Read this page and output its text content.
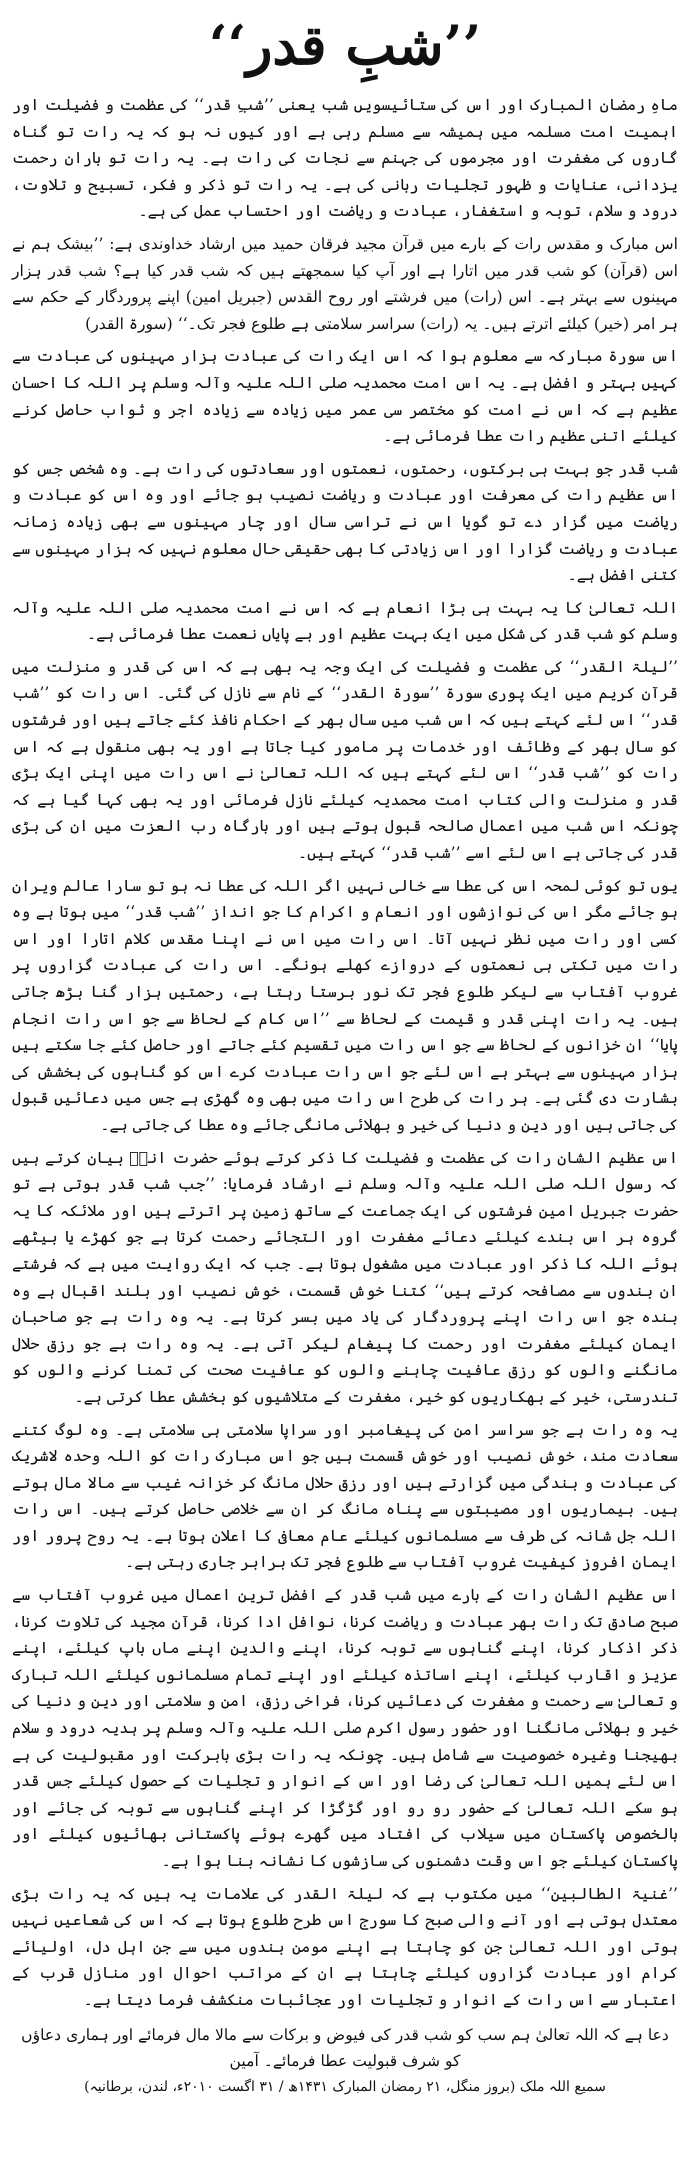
’’شبِ قدر‘‘

ماہِ رمضان المبارک اور اس کی ستائیسویں شب یعنی ’’شبِ قدر‘‘ کی عظمت و فضیلت اور اہمیت امت مسلمہ میں ہمیشہ سے مسلم رہی ہے اور کیوں نہ ہو کہ یہ رات تو گناہ گاروں کی مغفرت اور مجرموں کی جہنم سے نجات کی رات ہے۔ یہ رات تو باران رحمت یزدانی، عنایات و ظہور تجلیات ربانی کی ہے۔ یہ رات تو ذکر و فکر، تسبیح و تلاوت، درود و سلام، توبہ و استغفار، عبادت و ریاضت اور احتساب عمل کی ہے۔

اس مبارک و مقدس رات کے بارے میں قرآن مجید فرقان حمید میں ارشاد خداوندی ہے: ’’بیشک ہم نے اس (قرآن) کو شب قدر میں اتارا ہے اور آپ کیا سمجھتے ہیں کہ شب قدر کیا ہے؟ شب قدر ہزار مہینوں سے بہتر ہے۔ اس (رات) میں فرشتے اور روح القدس (جبریل امین) اپنے پروردگار کے حکم سے ہر امر (خیر) کیلئے اترتے ہیں۔ یہ (رات) سراسر سلامتی ہے طلوع فجر تک۔‘‘ (سورۃ القدر)

اس سورۃ مبارکہ سے معلوم ہوا کہ اس ایک رات کی عبادت ہزار مہینوں کی عبادت سے کہیں بہتر و افضل ہے۔ یہ اس امت محمدیہ صلی اللہ علیہ وآلہ وسلم پر اللہ کا احسان عظیم ہے کہ اس نے امت کو مختصر سی عمر میں زیادہ سے زیادہ اجر و ثواب حاصل کرنے کیلئے اتنی عظیم رات عطا فرمائی ہے۔

شب قدر جو بہت ہی برکتوں، رحمتوں، نعمتوں اور سعادتوں کی رات ہے۔ وہ شخص جس کو اس عظیم رات کی معرفت اور عبادت و ریاضت نصیب ہو جائے اور وہ اس کو عبادت و ریاضت میں گزار دے تو گویا اس نے تراسی سال اور چار مہینوں سے بھی زیادہ زمانہ عبادت و ریاضت گزارا اور اس زیادتی کا بھی حقیقی حال معلوم نہیں کہ ہزار مہینوں سے کتنی افضل ہے۔

اللہ تعالیٰ کا یہ بہت ہی بڑا انعام ہے کہ اس نے امت محمدیہ صلی اللہ علیہ وآلہ وسلم کو شب قدر کی شکل میں ایک بہت عظیم اور بے پایاں نعمت عطا فرمائی ہے۔

’’لیلۃ القدر‘‘ کی عظمت و فضیلت کی ایک وجہ یہ بھی ہے کہ اس کی قدر و منزلت میں قرآن کریم میں ایک پوری سورۃ ’’سورۃ القدر‘‘ کے نام سے نازل کی گئی۔ اس رات کو ’’شب قدر‘‘ اس لئے کہتے ہیں کہ اس شب میں سال بھر کے احکام نافذ کئے جاتے ہیں اور فرشتوں کو سال بھر کے وظائف اور خدمات پر مامور کیا جاتا ہے اور یہ بھی منقول ہے کہ اس رات کو ’’شب قدر‘‘ اس لئے کہتے ہیں کہ اللہ تعالیٰ نے اس رات میں اپنی ایک بڑی قدر و منزلت والی کتاب امت محمدیہ کیلئے نازل فرمائی اور یہ بھی کہا گیا ہے کہ چونکہ اس شب میں اعمال صالحہ قبول ہوتے ہیں اور بارگاہ رب العزت میں ان کی بڑی قدر کی جاتی ہے اس لئے اسے ’’شب قدر‘‘ کہتے ہیں۔

یوں تو کوئی لمحہ اس کی عطا سے خالی نہیں اگر اللہ کی عطا نہ ہو تو سارا عالم ویران ہو جائے مگر اس کی نوازشوں اور انعام و اکرام کا جو انداز ’’شب قدر‘‘ میں ہوتا ہے وہ کسی اور رات میں نظر نہیں آتا۔ اس رات میں اس نے اپنا مقدس کلام اتارا اور اس رات میں تکتی ہی نعمتوں کے دروازے کھلے ہونگے۔ اس رات کی عبادت گزاروں پر غروب آفتاب سے لیکر طلوع فجر تک نور برستا رہتا ہے، رحمتیں ہزار گنا بڑھ جاتی ہیں۔ یہ رات اپنی قدر و قیمت کے لحاظ سے ’’اس کام کے لحاظ سے جو اس رات انجام پایا‘‘ ان خزانوں کے لحاظ سے جو اس رات میں تقسیم کئے جاتے اور حاصل کئے جا سکتے ہیں ہزار مہینوں سے بہتر ہے اس لئے جو اس رات عبادت کرے اس کو گناہوں کی بخشش کی بشارت دی گئی ہے۔ ہر رات کی طرح اس رات میں بھی وہ گھڑی ہے جس میں دعائیں قبول کی جاتی ہیں اور دین و دنیا کی خیر و بھلائی مانگی جائے وہ عطا کی جاتی ہے۔

اس عظیم الشان رات کی عظمت و فضیلت کا ذکر کرتے ہوئے حضرت انسؓ بیان کرتے ہیں کہ رسول اللہ صلی اللہ علیہ وآلہ وسلم نے ارشاد فرمایا: ’’جب شب قدر ہوتی ہے تو حضرت جبریل امین فرشتوں کی ایک جماعت کے ساتھ زمین پر اترتے ہیں اور ملائکہ کا یہ گروہ ہر اس بندے کیلئے دعائے مغفرت اور التجائے رحمت کرتا ہے جو کھڑے یا بیٹھے ہوئے اللہ کا ذکر اور عبادت میں مشغول ہوتا ہے۔ جب کہ ایک روایت میں ہے کہ فرشتے ان بندوں سے مصافحہ کرتے ہیں‘‘ کتنا خوش قسمت، خوش نصیب اور بلند اقبال ہے وہ بندہ جو اس رات اپنے پروردگار کی یاد میں بسر کرتا ہے۔ یہ وہ رات ہے جو صاحبان ایمان کیلئے مغفرت اور رحمت کا پیغام لیکر آتی ہے۔ یہ وہ رات ہے جو رزق حلال مانگنے والوں کو رزق عافیت چاہنے والوں کو عافیت صحت کی تمنا کرنے والوں کو تندرستی، خیر کے بھکاریوں کو خیر، مغفرت کے متلاشیوں کو بخشش عطا کرتی ہے۔

یہ وہ رات ہے جو سراسر امن کی پیغامبر اور سراپا سلامتی ہی سلامتی ہے۔ وہ لوگ کتنے سعادت مند، خوش نصیب اور خوش قسمت ہیں جو اس مبارک رات کو اللہ وحدہ لاشریک کی عبادت و بندگی میں گزارتے ہیں اور رزق حلال مانگ کر خزانہ غیب سے مالا مال ہوتے ہیں۔ بیماریوں اور مصیبتوں سے پناہ مانگ کر ان سے خلاصی حاصل کرتے ہیں۔ اس رات اللہ جل شانہ کی طرف سے مسلمانوں کیلئے عام معافی کا اعلان ہوتا ہے۔ یہ روح پرور اور ایمان افروز کیفیت غروب آفتاب سے طلوع فجر تک برابر جاری رہتی ہے۔

اس عظیم الشان رات کے بارے میں شب قدر کے افضل ترین اعمال میں غروب آفتاب سے صبح صادق تک رات بھر عبادت و ریاضت کرنا، نوافل ادا کرنا، قرآن مجید کی تلاوت کرنا، ذکر اذکار کرنا، اپنے گناہوں سے توبہ کرنا، اپنے والدین اپنے ماں باپ کیلئے، اپنے عزیز و اقارب کیلئے، اپنے اساتذہ کیلئے اور اپنے تمام مسلمانوں کیلئے اللہ تبارک و تعالیٰ سے رحمت و مغفرت کی دعائیں کرنا، فراخی رزق، امن و سلامتی اور دین و دنیا کی خیر و بھلائی مانگنا اور حضور رسول اکرم صلی اللہ علیہ وآلہ وسلم پر ہدیہ درود و سلام بھیجنا وغیرہ خصوصیت سے شامل ہیں۔ چونکہ یہ رات بڑی بابرکت اور مقبولیت کی ہے اس لئے ہمیں اللہ تعالیٰ کی رضا اور اس کے انوار و تجلیات کے حصول کیلئے جس قدر ہو سکے اللہ تعالیٰ کے حضور رو رو اور گڑگڑا کر اپنے گناہوں سے توبہ کی جائے اور بالخصوص پاکستان میں سیلاب کی افتاد میں گھرے ہوئے پاکستانی بھائیوں کیلئے اور پاکستان کیلئے جو اس وقت دشمنوں کی سازشوں کا نشانہ بنا ہوا ہے۔

’’غنیۃ الطالبین‘‘ میں مکتوب ہے کہ لیلۃ القدر کی علامات یہ ہیں کہ یہ رات بڑی معتدل ہوتی ہے اور آنے والی صبح کا سورج اس طرح طلوع ہوتا ہے کہ اس کی شعاعیں نہیں ہوتی اور اللہ تعالیٰ جن کو چاہتا ہے اپنے مومن بندوں میں سے جن اہل دل، اولیائے کرام اور عبادت گزاروں کیلئے چاہتا ہے ان کے مراتب احوال اور منازل قرب کے اعتبار سے اس رات کے انوار و تجلیات اور عجائبات منکشف فرما دیتا ہے۔

دعا ہے کہ اللہ تعالیٰ ہم سب کو شب قدر کی فیوض و برکات سے مالا مال فرمائے اور ہماری دعاؤں کو شرف قبولیت عطا فرمائے۔ آمین
سمیع اللہ ملک (بروز منگل، ۲۱ رمضان المبارک ۱۴۳۱ھ / ۳۱ اگست ۲۰۱۰ء، لندن، برطانیہ)
